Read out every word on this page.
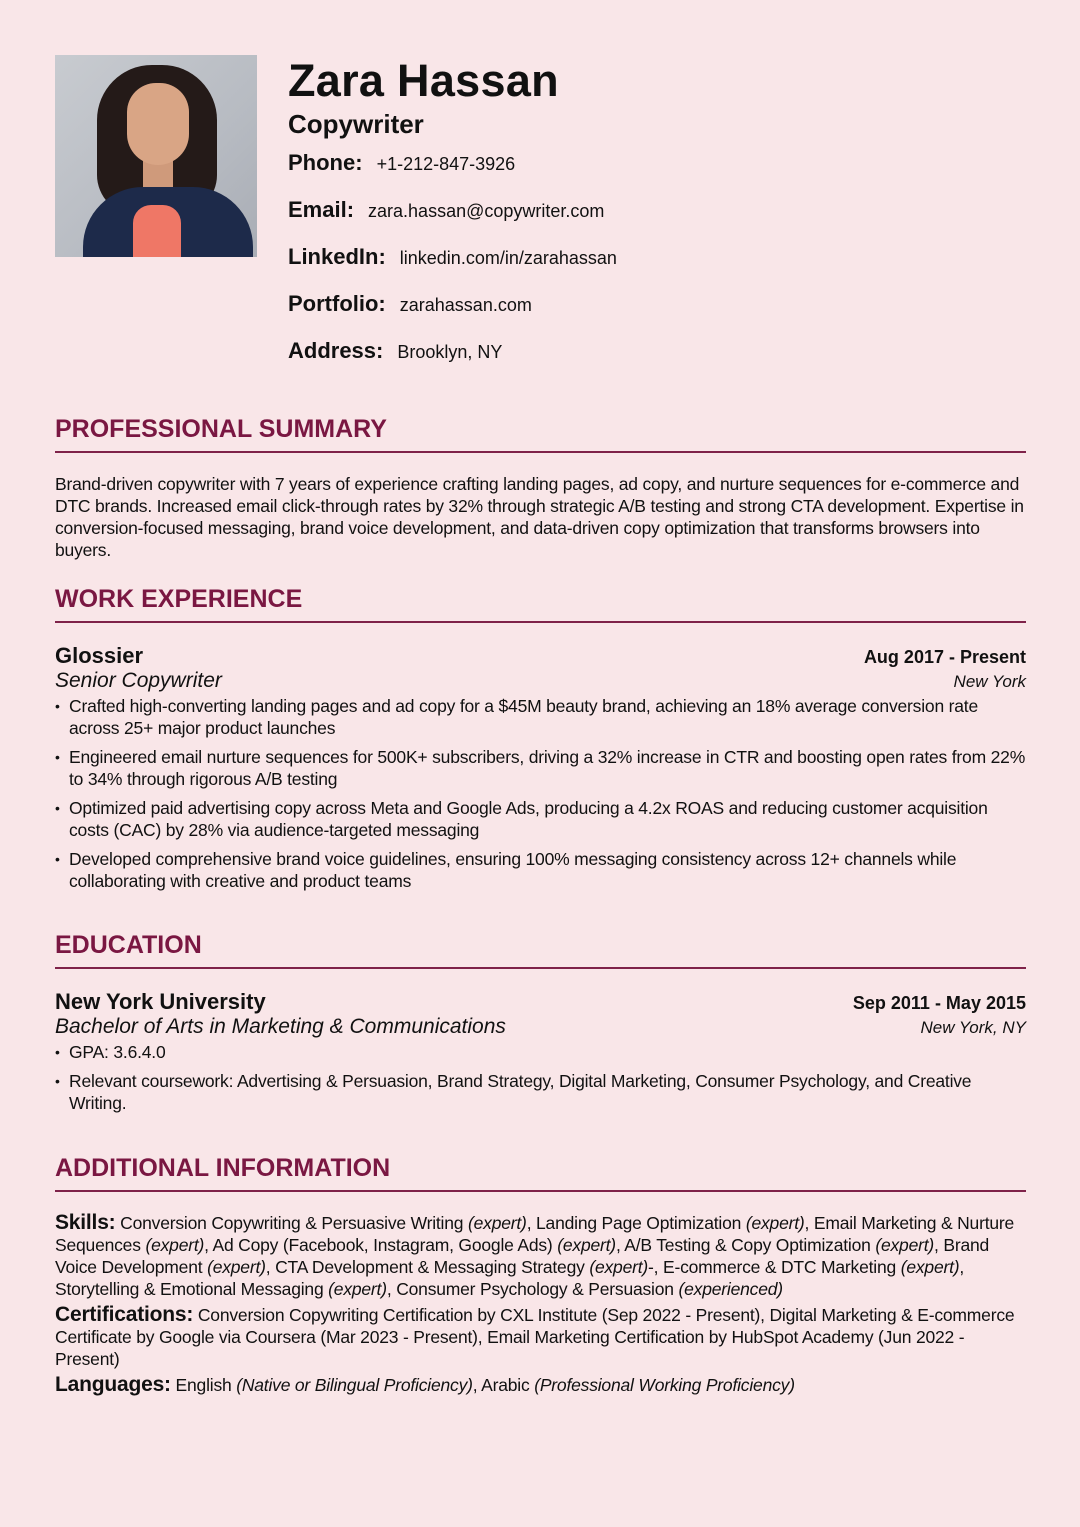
Zara Hassan
Copywriter
Phone: +1-212-847-3926
Email: zara.hassan@copywriter.com
LinkedIn: linkedin.com/in/zarahassan
Portfolio: zarahassan.com
Address: Brooklyn, NY
PROFESSIONAL SUMMARY
Brand-driven copywriter with 7 years of experience crafting landing pages, ad copy, and nurture sequences for e-commerce and DTC brands. Increased email click-through rates by 32% through strategic A/B testing and strong CTA development. Expertise in conversion-focused messaging, brand voice development, and data-driven copy optimization that transforms browsers into buyers.
WORK EXPERIENCE
Glossier	Aug 2017 - Present
Senior Copywriter	New York
• Crafted high-converting landing pages and ad copy for a $45M beauty brand, achieving an 18% average conversion rate across 25+ major product launches
• Engineered email nurture sequences for 500K+ subscribers, driving a 32% increase in CTR and boosting open rates from 22% to 34% through rigorous A/B testing
• Optimized paid advertising copy across Meta and Google Ads, producing a 4.2x ROAS and reducing customer acquisition costs (CAC) by 28% via audience-targeted messaging
• Developed comprehensive brand voice guidelines, ensuring 100% messaging consistency across 12+ channels while collaborating with creative and product teams
EDUCATION
New York University	Sep 2011 - May 2015
Bachelor of Arts in Marketing & Communications	New York, NY
• GPA: 3.6.4.0
• Relevant coursework: Advertising & Persuasion, Brand Strategy, Digital Marketing, Consumer Psychology, and Creative Writing.
ADDITIONAL INFORMATION
Skills: Conversion Copywriting & Persuasive Writing (expert), Landing Page Optimization (expert), Email Marketing & Nurture Sequences (expert), Ad Copy (Facebook, Instagram, Google Ads) (expert), A/B Testing & Copy Optimization (expert), Brand Voice Development (expert), CTA Development & Messaging Strategy (expert)-, E-commerce & DTC Marketing (expert), Storytelling & Emotional Messaging (expert), Consumer Psychology & Persuasion (experienced)
Certifications: Conversion Copywriting Certification by CXL Institute (Sep 2022 - Present), Digital Marketing & E-commerce Certificate by Google via Coursera (Mar 2023 - Present), Email Marketing Certification by HubSpot Academy (Jun 2022 - Present)
Languages: English (Native or Bilingual Proficiency), Arabic (Professional Working Proficiency)
